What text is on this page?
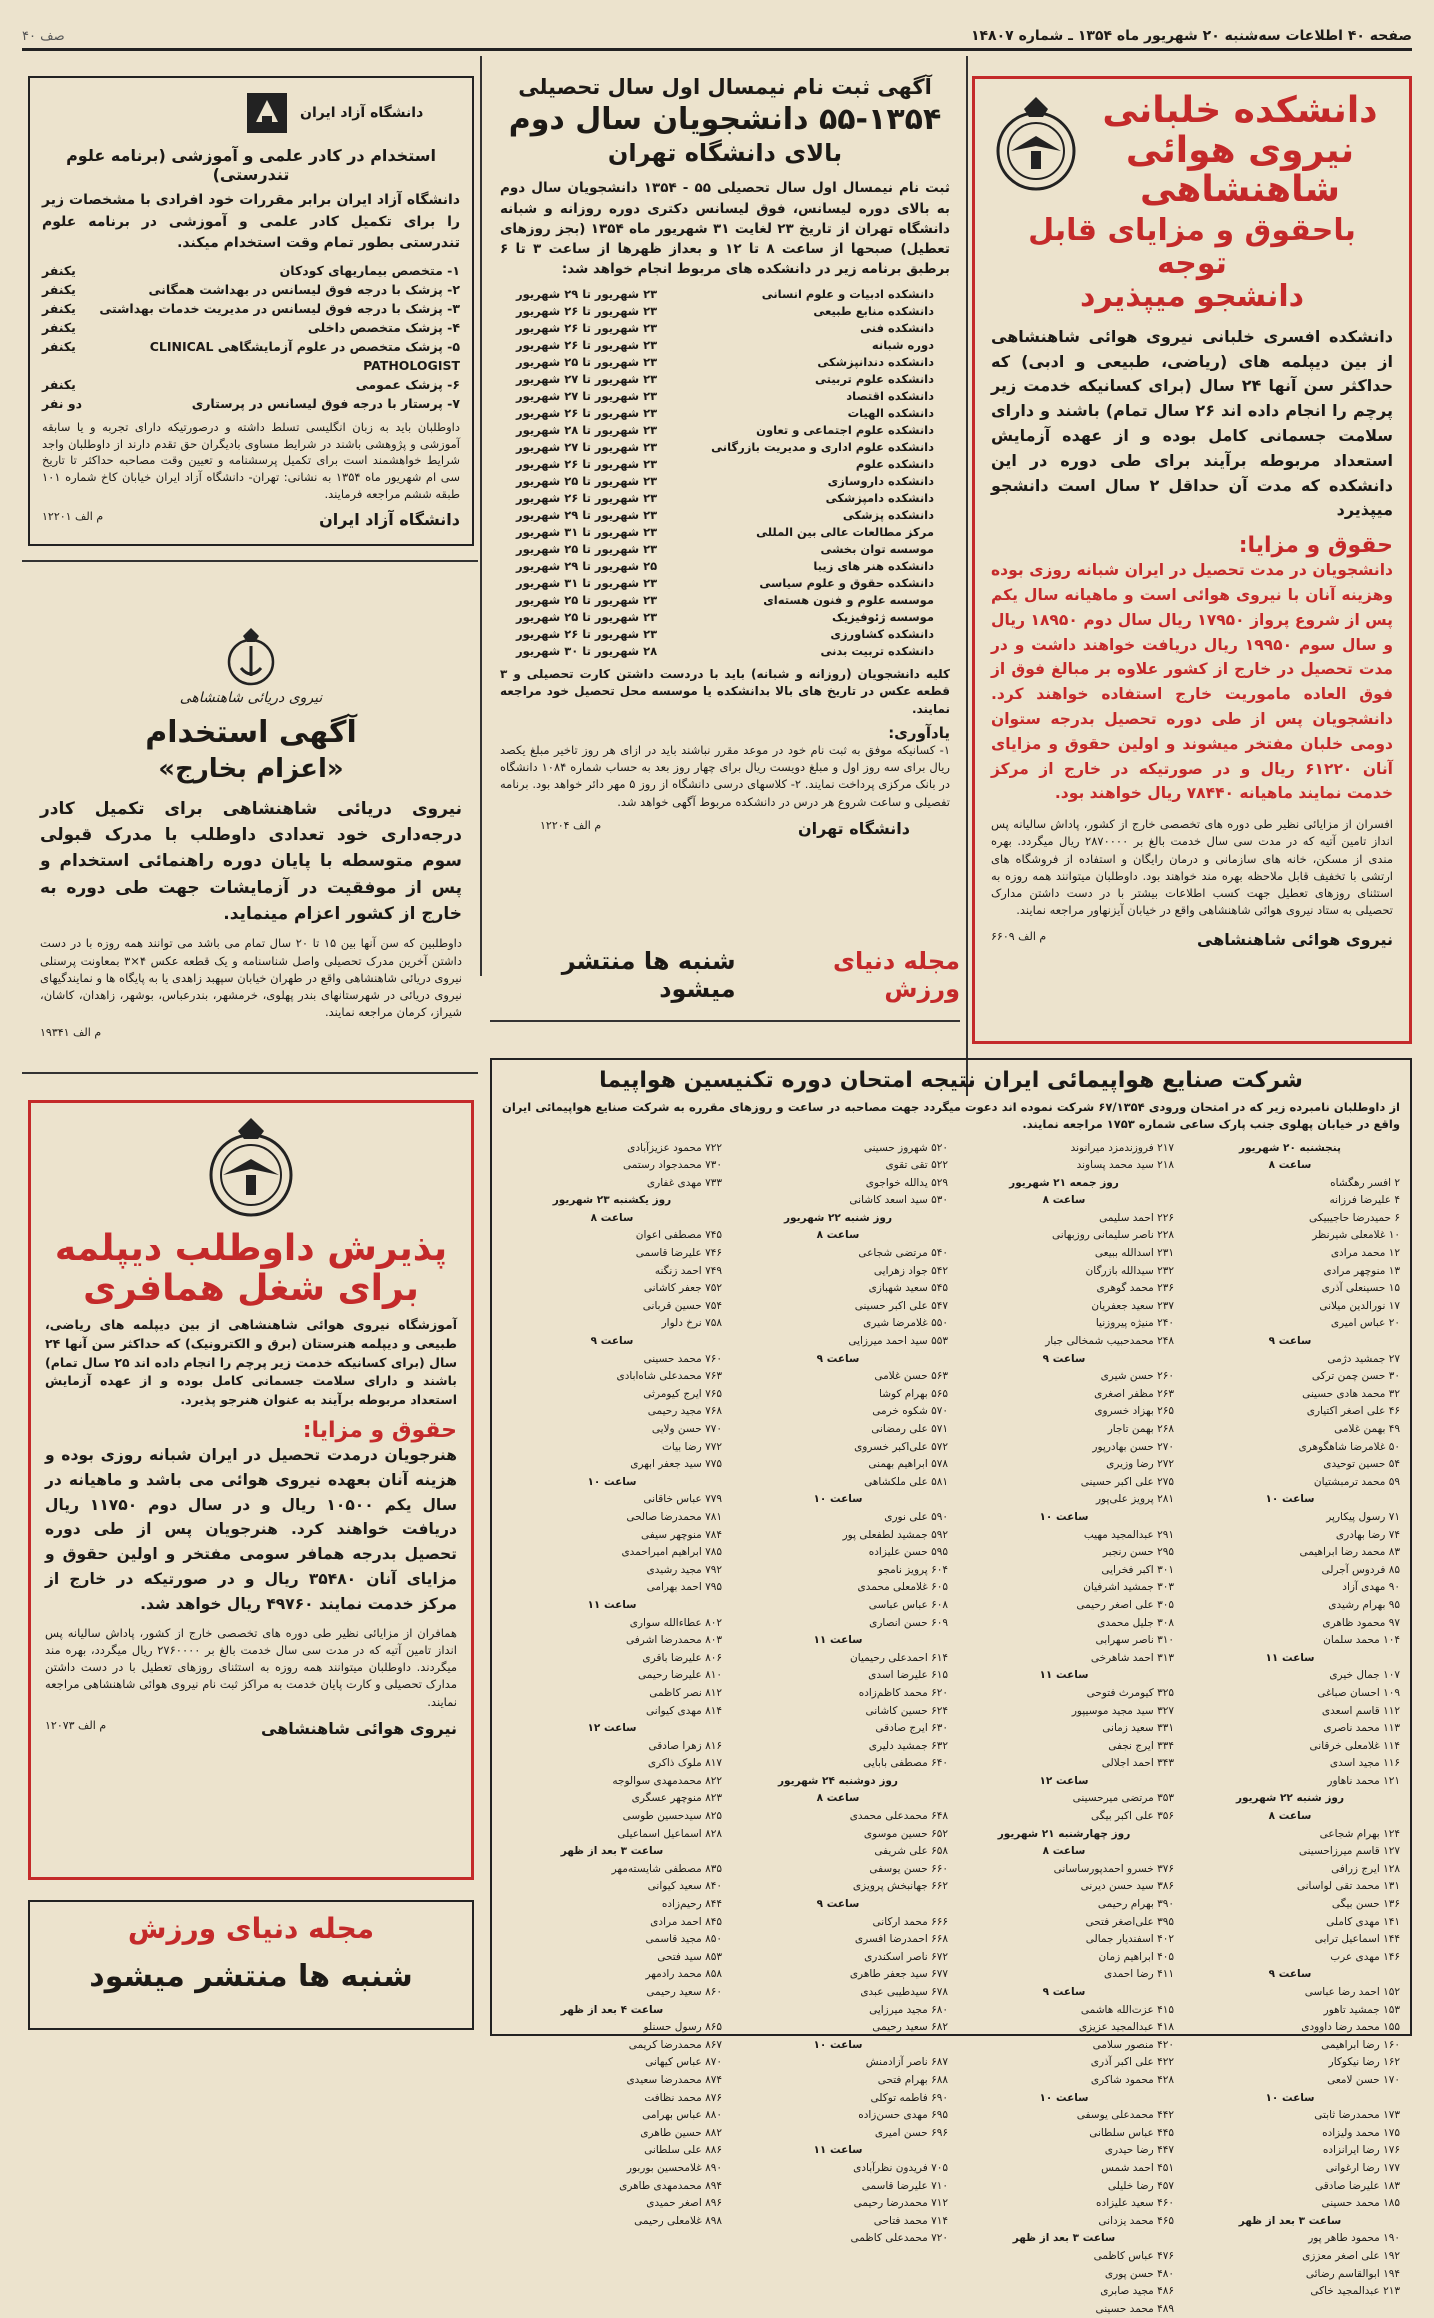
صفحه ۴۰ اطلاعات سه‌شنبه ۲۰ شهریور ماه ۱۳۵۴ ـ شماره ۱۴۸۰۷
۴۰ صف
دانشکده خلبانی
نیروی هوائی
شاهنشاهی
باحقوق و مزایای قابل توجه
دانشجو میپذیرد

دانشکده افسری خلبانی نیروی هوائی شاهنشاهی از بین دیپلمه های (ریاضی، طبیعی و ادبی) که حداکثر سن آنها ۲۴ سال (برای کسانیکه خدمت زیر پرچم را انجام داده اند ۲۶ سال تمام) باشند و دارای سلامت جسمانی کامل بوده و از عهده آزمایش استعداد مربوطه برآیند برای طی دوره در این دانشکده که مدت آن حداقل ۲ سال است دانشجو میپذیرد

حقوق و مزایا:

دانشجویان در مدت تحصیل در ایران شبانه روزی بوده وهزینه آنان با نیروی هوائی است و ماهیانه سال یکم پس از شروع پرواز ۱۷۹۵۰ ریال سال دوم ۱۸۹۵۰ ریال و سال سوم ۱۹۹۵۰ ریال دریافت خواهند داشت و در مدت تحصیل در خارج از کشور علاوه بر مبالغ فوق از فوق العاده ماموریت خارج استفاده خواهند کرد. دانشجویان پس از طی دوره تحصیل بدرجه ستوان دومی خلبان مفتخر میشوند و اولین حقوق و مزایای آنان ۶۱۲۲۰ ریال و در صورتیکه در خارج از مرکز خدمت نمایند ماهیانه ۷۸۴۴۰ ریال خواهند بود.

افسران از مزایائی نظیر طی دوره های تخصصی خارج از کشور، پاداش سالیانه پس انداز تامین آتیه که در مدت سی سال خدمت بالغ بر ۲۸۷۰۰۰۰ ریال میگردد. بهره مندی از مسکن، خانه های سازمانی و درمان رایگان و استفاده از فروشگاه های ارتشی با تخفیف قابل ملاحظه بهره مند خواهند بود. داوطلبان میتوانند همه روزه به استثنای روزهای تعطیل جهت کسب اطلاعات بیشتر با در دست داشتن مدارک تحصیلی به ستاد نیروی هوائی شاهنشاهی واقع در خیابان آیزنهاور مراجعه نمایند.

نیروی هوائی شاهنشاهی
م الف ۶۶۰۹
آگهی ثبت نام نیمسال اول سال تحصیلی
۵۵-۱۳۵۴ دانشجویان سال دوم
بالای دانشگاه تهران

ثبت نام نیمسال اول سال تحصیلی ۵۵ - ۱۳۵۴ دانشجویان سال دوم به بالای دوره لیسانس، فوق لیسانس دکتری دوره روزانه و شبانه دانشگاه تهران از تاریخ ۲۳ لغایت ۳۱ شهریور ماه ۱۳۵۴ (بجز روزهای تعطیل) صبحها از ساعت ۸ تا ۱۲ و بعداز ظهرها از ساعت ۳ تا ۶ برطبق برنامه زیر در دانشکده های مربوط انجام خواهد شد:

دانشکده ادبیات و علوم انسانی
۲۳ شهریور تا ۲۹ شهریور
دانشکده منابع طبیعی
۲۳ شهریور تا ۲۶ شهریور
دانشکده فنی
۲۳ شهریور تا ۲۶ شهریور
دوره شبانه
۲۳ شهریور تا ۲۶ شهریور
دانشکده دندانپزشکی
۲۳ شهریور تا ۲۵ شهریور
دانشکده علوم تربیتی
۲۳ شهریور تا ۲۷ شهریور
دانشکده اقتصاد
۲۳ شهریور تا ۲۷ شهریور
دانشکده الهیات
۲۳ شهریور تا ۲۶ شهریور
دانشکده علوم اجتماعی و تعاون
۲۳ شهریور تا ۲۸ شهریور
دانشکده علوم اداری و مدیریت بازرگانی
۲۳ شهریور تا ۲۷ شهریور
دانشکده علوم
۲۳ شهریور تا ۲۶ شهریور
دانشکده داروسازی
۲۳ شهریور تا ۲۵ شهریور
دانشکده دامپزشکی
۲۳ شهریور تا ۲۶ شهریور
دانشکده پزشکی
۲۳ شهریور تا ۲۹ شهریور
مرکز مطالعات عالی بین المللی
۲۳ شهریور تا ۳۱ شهریور
موسسه توان بخشی
۲۳ شهریور تا ۲۵ شهریور
دانشکده هنر های زیبا
۲۵ شهریور تا ۲۹ شهریور
دانشکده حقوق و علوم سیاسی
۲۳ شهریور تا ۳۱ شهریور
موسسه علوم و فنون هسته‌ای
۲۳ شهریور تا ۲۵ شهریور
موسسه ژئوفیزیک
۲۳ شهریور تا ۲۵ شهریور
دانشکده کشاورزی
۲۳ شهریور تا ۲۶ شهریور
دانشکده تربیت بدنی
۲۸ شهریور تا ۳۰ شهریور

کلیه دانشجویان (روزانه و شبانه) باید با دردست داشتن کارت تحصیلی و ۳ قطعه عکس در تاریخ های بالا بدانشکده یا موسسه محل تحصیل خود مراجعه نمایند.

یادآوری:

۱- کسانیکه موفق به ثبت نام خود در موعد مقرر نباشند باید در ازای هر روز تاخیر مبلغ یکصد ریال برای سه روز اول و مبلغ دویست ریال برای چهار روز بعد به حساب شماره ۱۰۸۴ دانشگاه در بانک مرکزی پرداخت نمایند. ۲- کلاسهای درسی دانشگاه از روز ۵ مهر دائر خواهد بود. برنامه تفصیلی و ساعت شروع هر درس در دانشکده مربوط آگهی خواهد شد.

دانشگاه تهران
م الف ۱۲۲۰۴
مجله دنیای ورزش
شنبه ها منتشر میشود
دانشگاه آزاد ایران
استخدام در کادر علمی و آموزشی (برنامه علوم تندرستی)

دانشگاه آزاد ایران برابر مقررات خود افرادی با مشخصات زیر را برای تکمیل کادر علمی و آموزشی در برنامه علوم تندرستی بطور تمام وقت استخدام میکند.

۱- متخصص بیماریهای کودکان
یکنفر
۲- پزشک با درجه فوق لیسانس در بهداشت همگانی
یکنفر
۳- پزشک با درجه فوق لیسانس در مدیریت خدمات بهداشتی
یکنفر
۴- پزشک متخصص داخلی
یکنفر
۵- پزشک متخصص در علوم آزمایشگاهی CLINICAL PATHOLOGIST
یکنفر
۶- پزشک عمومی
یکنفر
۷- پرستار با درجه فوق لیسانس در پرستاری
دو نفر

داوطلبان باید به زبان انگلیسی تسلط داشته و درصورتیکه دارای تجربه و یا سابقه آموزشی و پژوهشی باشند در شرایط مساوی بادیگران حق تقدم دارند از داوطلبان واجد شرایط خواهشمند است برای تکمیل پرسشنامه و تعیین وقت مصاحبه حداکثر تا تاریخ سی ام شهریور ماه ۱۳۵۴ به نشانی: تهران- دانشگاه آزاد ایران خیابان کاخ شماره ۱۰۱ طبقه ششم مراجعه فرمایند.

دانشگاه آزاد ایران
م الف ۱۲۲۰۱
نیروی دریائی شاهنشاهی
آگهی استخدام
«اعزام بخارج»

نیروی دریائی شاهنشاهی برای تکمیل کادر درجه‌داری خود تعدادی داوطلب با مدرک قبولی سوم متوسطه با پایان دوره راهنمائی استخدام و پس از موفقیت در آزمایشات جهت طی دوره به خارج از کشور اعزام مینماید.

داوطلبین که سن آنها بین ۱۵ تا ۲۰ سال تمام می باشد می توانند همه روزه با در دست داشتن آخرین مدرک تحصیلی واصل شناسنامه و یک قطعه عکس ۴×۳ بمعاونت پرسنلی نیروی دریائی شاهنشاهی واقع در طهران خیابان سپهبد زاهدی یا به پایگاه ها و نمایندگیهای نیروی دریائی در شهرستانهای بندر پهلوی، خرمشهر، بندرعباس، بوشهر، زاهدان، کاشان، شیراز، کرمان مراجعه نمایند.

م الف ۱۹۳۴۱
شرکت صنایع هواپیمائی ایران نتیجه امتحان دوره تکنیسین هواپیما

از داوطلبان نامبرده زیر که در امتحان ورودی ۶۷/۱۳۵۴ شرکت نموده اند دعوت میگردد جهت مصاحبه در ساعت و روزهای مقرره به شرکت صنایع هواپیمائی ایران واقع در خیابان پهلوی جنب پارک ساعی شماره ۱۷۵۳ مراجعه نمایند.

پنجشنبه ۲۰ شهریور
ساعت ۸
۲ افسر رهگشاه
۴ علیرضا فرزانه
۶ حمیدرضا حاجیبیکی
۱۰ غلامعلی شیرنظر
۱۲ محمد مرادی
۱۳ منوچهر مرادی
۱۵ حسینعلی آذری
۱۷ نورالدین میلانی
۲۰ عباس امیری
ساعت ۹
۲۷ جمشید دژمی
۳۰ حسن چمن ترکی
۳۲ محمد هادی حسینی
۴۶ علی اصغر اکتیاری
۴۹ بهمن غلامی
۵۰ غلامرضا شاهگوهری
۵۴ حسین توحیدی
۵۹ محمد ترمبشتیان
ساعت ۱۰
۷۱ رسول پیکارپر
۷۴ رضا بهادری
۸۳ محمد رضا ابراهیمی
۸۵ فردوس آجرلی
۹۰ مهدی آزاد
۹۵ بهرام رشیدی
۹۷ محمود ظاهری
۱۰۴ محمد سلمان
ساعت ۱۱
۱۰۷ جمال خیری
۱۰۹ احسان صباغی
۱۱۲ قاسم اسعدی
۱۱۳ محمد ناصری
۱۱۴ غلامعلی خرقانی
۱۱۶ مجید اسدی
۱۲۱ محمد ناهاور
روز شنبه ۲۲ شهریور
ساعت ۸
۱۲۴ بهرام شجاعی
۱۲۷ قاسم میرزاحسینی
۱۲۸ ایرج زرافی
۱۳۱ محمد تقی لواسانی
۱۳۶ حسن بیگی
۱۴۱ مهدی کاملی
۱۴۴ اسماعیل ترابی
۱۴۶ مهدی عرب
ساعت ۹
۱۵۲ احمد رضا عباسی
۱۵۳ جمشید تاهور
۱۵۵ محمد رضا داوودی
۱۶۰ رضا ابراهیمی
۱۶۲ رضا نیکوکار
۱۷۰ حسن لامعی
ساعت ۱۰
۱۷۳ محمدرضا ثابتی
۱۷۵ محمد ولیزاده
۱۷۶ رضا ایرانزاده
۱۷۷ رضا ارغوانی
۱۸۳ علیرضا صادقی
۱۸۵ محمد حسینی
ساعت ۳ بعد از ظهر
۱۹۰ محمود طاهر پور
۱۹۲ علی اصغر معززی
۱۹۴ ابوالقاسم رضائی
۲۱۳ عبدالمجید خاکی
۲۱۷ فروزندمزد میرانوند
۲۱۸ سید محمد پساوند
روز جمعه ۲۱ شهریور
ساعت ۸
۲۲۶ احمد سلیمی
۲۲۸ ناصر سلیمانی روزبهانی
۲۳۱ اسدالله ببیعی
۲۳۲ سیدالله بازرگان
۲۳۶ محمد گوهری
۲۳۷ سعید جعفریان
۲۴۰ منیژه پیروزنیا
۲۴۸ محمدحبیب شمخالی جبار
ساعت ۹
۲۶۰ حسن شیری
۲۶۳ مظفر اصغری
۲۶۵ بهزاد خسروی
۲۶۸ بهمن تاجار
۲۷۰ حسن بهادرپور
۲۷۲ رضا وزیری
۲۷۵ علی اکبر حسینی
۲۸۱ پرویز علی‌پور
ساعت ۱۰
۲۹۱ عبدالمجید مهیب
۲۹۵ حسن رنجبر
۳۰۱ اکبر فخرایی
۳۰۳ جمشید اشرفیان
۳۰۵ علی اصغر رحیمی
۳۰۸ جلیل محمدی
۳۱۰ ناصر سهرابی
۳۱۳ احمد شاهرخی
ساعت ۱۱
۳۲۵ کیومرث فتوحی
۳۲۷ سید مجید موسیپور
۳۳۱ سعید زمانی
۳۳۴ ایرج نجفی
۳۴۳ احمد اجلالی
ساعت ۱۲
۳۵۳ مرتضی میرحسینی
۳۵۶ علی اکبر بیگی
روز چهارشنبه ۲۱ شهریور
ساعت ۸
۳۷۶ خسرو احمدپورساسانی
۳۸۶ سید حسن دیرنی
۳۹۰ بهرام رحیمی
۳۹۵ علی‌اصغر فتحی
۴۰۲ اسفندیار جمالی
۴۰۵ ابراهیم زمان
۴۱۱ رضا احمدی
ساعت ۹
۴۱۵ عزت‌الله هاشمی
۴۱۸ عبدالمجید عزیزی
۴۲۰ منصور سلامی
۴۲۲ علی اکبر آذری
۴۲۸ محمود شاکری
ساعت ۱۰
۴۴۲ محمدعلی یوسفی
۴۴۵ عباس سلطانی
۴۴۷ رضا حیدری
۴۵۱ احمد شمس
۴۵۷ رضا خلیلی
۴۶۰ سعید علیزاده
۴۶۵ محمد یزدانی
ساعت ۳ بعد از ظهر
۴۷۶ عباس کاظمی
۴۸۰ حسن پوری
۴۸۶ مجید صابری
۴۸۹ محمد حسینی
۵۲۰ شهروز حسینی
۵۲۲ تقی تقوی
۵۲۹ یدالله خواجوی
۵۳۰ سید اسعد کاشانی
روز شنبه ۲۲ شهریور
ساعت ۸
۵۴۰ مرتضی شجاعی
۵۴۲ جواد زهرایی
۵۴۵ سعید شهبازی
۵۴۷ علی اکبر حسینی
۵۵۰ غلامرضا شیری
۵۵۳ سید احمد میرزایی
ساعت ۹
۵۶۳ حسن غلامی
۵۶۵ بهرام کوشا
۵۷۰ شکوه خرمی
۵۷۱ علی رمضانی
۵۷۲ علی‌اکبر خسروی
۵۷۸ ابراهیم بهمنی
۵۸۱ علی ملکشاهی
ساعت ۱۰
۵۹۰ علی نوری
۵۹۲ جمشید لطفعلی پور
۵۹۵ حسن علیزاده
۶۰۴ پرویز نامجو
۶۰۵ غلامعلی محمدی
۶۰۸ عباس عباسی
۶۰۹ حسن انصاری
ساعت ۱۱
۶۱۴ احمدعلی رحیمیان
۶۱۵ علیرضا اسدی
۶۲۰ محمد کاظم‌زاده
۶۲۴ حسین کاشانی
۶۳۰ ایرج صادقی
۶۳۲ جمشید دلیری
۶۴۰ مصطفی بابایی
روز دوشنبه ۲۴ شهریور
ساعت ۸
۶۴۸ محمدعلی محمدی
۶۵۲ حسین موسوی
۶۵۸ علی شریفی
۶۶۰ حسن یوسفی
۶۶۲ جهانبخش پرویزی
ساعت ۹
۶۶۶ محمد ارکانی
۶۶۸ احمدرضا افسری
۶۷۲ ناصر اسکندری
۶۷۷ سید جعفر طاهری
۶۷۸ سیدطیبی عبدی
۶۸۰ مجید میرزایی
۶۸۲ سعید رحیمی
ساعت ۱۰
۶۸۷ ناصر آزادمنش
۶۸۸ بهرام فتحی
۶۹۰ فاطمه توکلی
۶۹۵ مهدی حسن‌زاده
۶۹۶ حسن امیری
ساعت ۱۱
۷۰۵ فریدون نظرآبادی
۷۱۰ علیرضا قاسمی
۷۱۲ محمدرضا رحیمی
۷۱۴ محمد فتاحی
۷۲۰ محمدعلی کاظمی
۷۲۲ محمود عزیزآبادی
۷۳۰ محمدجواد رستمی
۷۳۳ مهدی غفاری
روز یکشنبه ۲۳ شهریور
ساعت ۸
۷۴۵ مصطفی اعوان
۷۴۶ علیرضا قاسمی
۷۴۹ احمد زنگنه
۷۵۲ جعفر کاشانی
۷۵۴ حسین قربانی
۷۵۸ نرخ دلوار
ساعت ۹
۷۶۰ محمد حسینی
۷۶۳ محمدعلی شاه‌ابادی
۷۶۵ ایرج کیومرثی
۷۶۸ مجید رحیمی
۷۷۰ حسن ولایی
۷۷۲ رضا بیات
۷۷۵ سید جعفر ابهری
ساعت ۱۰
۷۷۹ عباس خاقانی
۷۸۱ محمدرضا صالحی
۷۸۴ منوچهر سیفی
۷۸۵ ابراهیم امیراحمدی
۷۹۲ مجید رشیدی
۷۹۵ احمد بهرامی
ساعت ۱۱
۸۰۲ عطاءالله سواری
۸۰۳ محمدرضا اشرفی
۸۰۶ علیرضا باقری
۸۱۰ علیرضا رحیمی
۸۱۲ نصر کاظمی
۸۱۴ مهدی کیوانی
ساعت ۱۲
۸۱۶ زهرا صادقی
۸۱۷ ملوک ذاکری
۸۲۲ محمدمهدی سوالوجه
۸۲۳ منوچهر عسگری
۸۲۵ سیدحسین طوسی
۸۲۸ اسماعیل اسماعیلی
ساعت ۳ بعد از ظهر
۸۳۵ مصطفی شایسته‌مهر
۸۴۰ سعید کیوانی
۸۴۴ رحیم‌زاده
۸۴۵ احمد مرادی
۸۵۰ مجید قاسمی
۸۵۳ سید فتحی
۸۵۸ محمد رادمهر
۸۶۰ سعید رحیمی
ساعت ۴ بعد از ظهر
۸۶۵ رسول حسنلو
۸۶۷ محمدرضا کریمی
۸۷۰ عباس کیهانی
۸۷۴ محمدرضا سعیدی
۸۷۶ محمد نظافت
۸۸۰ عباس بهرامی
۸۸۲ حسین طاهری
۸۸۶ علی سلطانی
۸۹۰ غلامحسین بوربور
۸۹۴ محمدمهدی طاهری
۸۹۶ اصغر حمیدی
۸۹۸ غلامعلی رحیمی
پذیرش داوطلب دیپلمه
برای شغل همافری

آموزشگاه نیروی هوائی شاهنشاهی از بین دیپلمه های ریاضی، طبیعی و دیپلمه هنرستان (برق و الکترونیک) که حداکثر سن آنها ۲۴ سال (برای کسانیکه خدمت زیر پرچم را انجام داده اند ۲۵ سال تمام) باشند و دارای سلامت جسمانی کامل بوده و از عهده آزمایش استعداد مربوطه برآیند به عنوان هنرجو پذیرد.

حقوق و مزایا:

هنرجویان درمدت تحصیل در ایران شبانه روزی بوده و هزینه آنان بعهده نیروی هوائی می باشد و ماهیانه در سال یکم ۱۰۵۰۰ ریال و در سال دوم ۱۱۷۵۰ ریال دریافت خواهند کرد. هنرجویان پس از طی دوره تحصیل بدرجه همافر سومی مفتخر و اولین حقوق و مزایای آنان ۳۵۴۸۰ ریال و در صورتیکه در خارج از مرکز خدمت نمایند ۴۹۷۶۰ ریال خواهد شد.

همافران از مزایائی نظیر طی دوره های تخصصی خارج از کشور، پاداش سالیانه پس انداز تامین آتیه که در مدت سی سال خدمت بالغ بر ۲۷۶۰۰۰۰ ریال میگردد، بهره مند میگردند. داوطلبان میتوانند همه روزه به استثنای روزهای تعطیل با در دست داشتن مدارک تحصیلی و کارت پایان خدمت به مراکز ثبت نام نیروی هوائی شاهنشاهی مراجعه نمایند.

نیروی هوائی شاهنشاهی
م الف ۱۲۰۷۳
مجله دنیای ورزش
شنبه ها منتشر میشود
